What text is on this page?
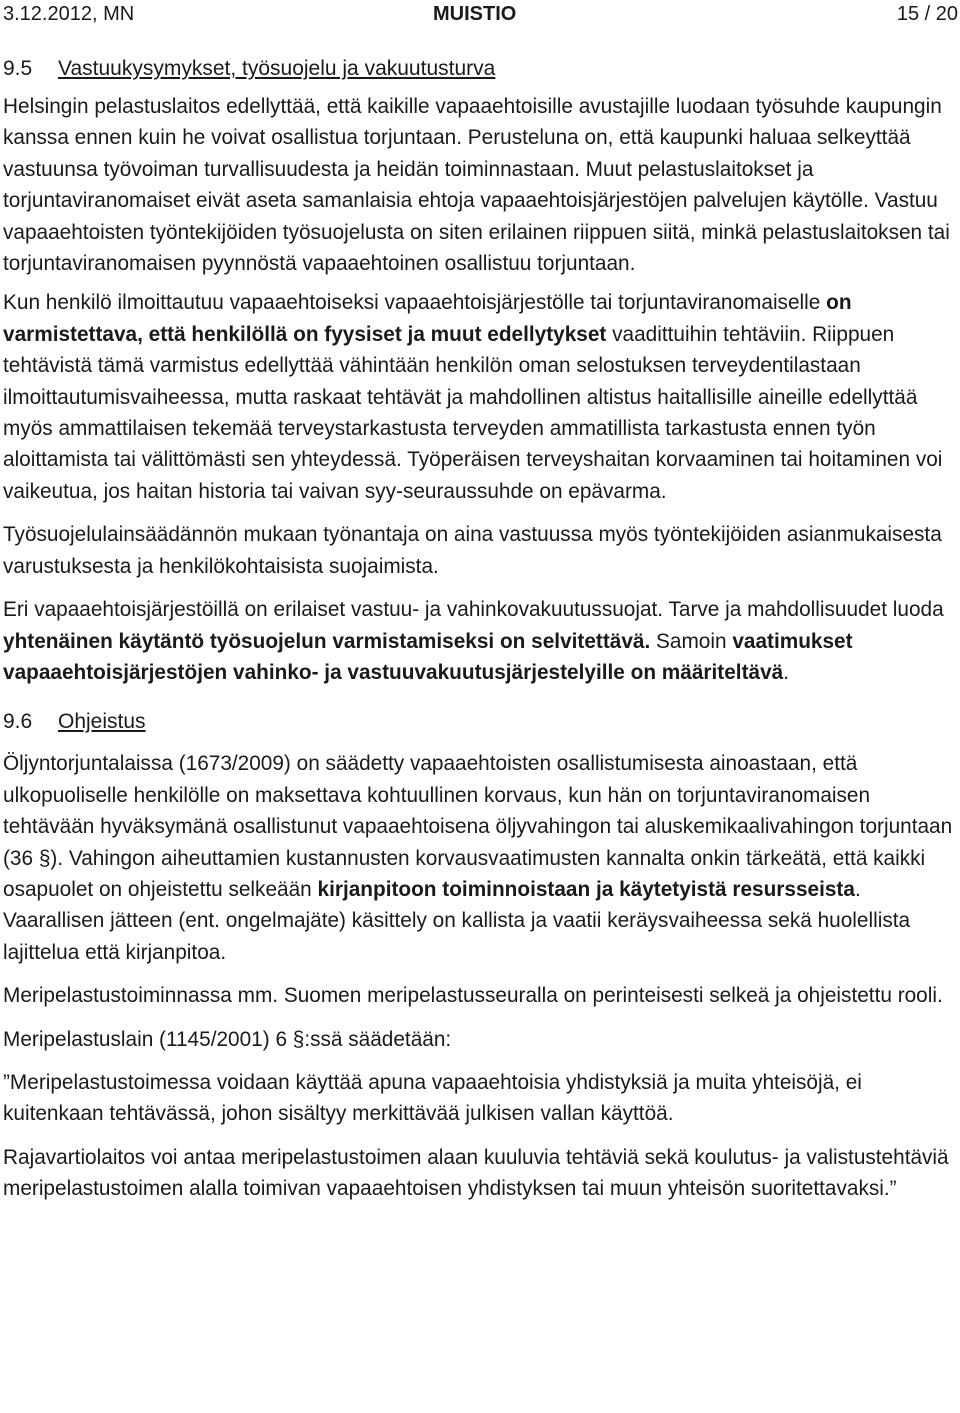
3.12.2012, MN	MUISTIO	15 / 20
9.5 Vastuukysymykset, työsuojelu ja vakuutusturva

Helsingin pelastuslaitos edellyttää, että kaikille vapaaehtoisille avustajille luodaan työsuhde kaupungin kanssa ennen kuin he voivat osallistua torjuntaan. Perusteluna on, että kaupunki haluaa selkeyttää vastuunsa työvoiman turvallisuudesta ja heidän toiminnastaan. Muut pelastuslaitokset ja torjuntaviranomaiset eivät aseta samanlaisia ehtoja vapaaehtoisjärjestöjen palvelujen käytölle. Vastuu vapaaehtoisten työntekijöiden työsuojelusta on siten erilainen riippuen siitä, minkä pelastuslaitoksen tai torjuntaviranomaisen pyynnöstä vapaaehtoinen osallistuu torjuntaan.

Kun henkilö ilmoittautuu vapaaehtoiseksi vapaaehtoisjärjestölle tai torjuntaviranomaiselle on varmistettava, että henkilöllä on fyysiset ja muut edellytykset vaadittuihin tehtäviin. Riippuen tehtävistä tämä varmistus edellyttää vähintään henkilön oman selostuksen terveydentilastaan ilmoittautumisvaiheessa, mutta raskaat tehtävät ja mahdollinen altistus haitallisille aineille edellyttää myös ammattilaisen tekemää terveystarkastusta terveyden ammatillista tarkastusta ennen työn aloittamista tai välittömästi sen yhteydessä. Työperäisen terveyshaitan korvaaminen tai hoitaminen voi vaikeutua, jos haitan historia tai vaivan syy-seuraussuhde on epävarma.

Työsuojelulainsäädännön mukaan työnantaja on aina vastuussa myös työntekijöiden asianmukaisesta varustuksesta ja henkilökohtaisista suojaimista.

Eri vapaaehtoisjärjestöillä on erilaiset vastuu- ja vahinkovakuutussuojat. Tarve ja mahdollisuudet luoda yhtenäinen käytäntö työsuojelun varmistamiseksi on selvitettävä. Samoin vaatimukset vapaaehtoisjärjestöjen vahinko- ja vastuuvakuutusjärjestelyille on määriteltävä.

9.6 Ohjeistus

Öljyntorjuntalaissa (1673/2009) on säädetty vapaaehtoisten osallistumisesta ainoastaan, että ulkopuoliselle henkilölle on maksettava kohtuullinen korvaus, kun hän on torjuntaviranomaisen tehtävään hyväksymänä osallistunut vapaaehtoisena öljyvahingon tai aluskemikaalivahingon torjuntaan (36 §). Vahingon aiheuttamien kustannusten korvausvaatimusten kannalta onkin tärkeätä, että kaikki osapuolet on ohjeistettu selkeään kirjanpitoon toiminnoistaan ja käytetyistä resursseista. Vaarallisen jätteen (ent. ongelmajäte) käsittely on kallista ja vaatii keräysvaiheessa sekä huolellista lajittelua että kirjanpitoa.

Meripelastustoiminnassa mm. Suomen meripelastusseuralla on perinteisesti selkeä ja ohjeistettu rooli.

Meripelastuslain (1145/2001) 6 §:ssä säädetään:

”Meripelastustoimessa voidaan käyttää apuna vapaaehtoisia yhdistyksiä ja muita yhteisöjä, ei kuitenkaan tehtävässä, johon sisältyy merkittävää julkisen vallan käyttöä.

Rajavartiolaitos voi antaa meripelastustoimen alaan kuuluvia tehtäviä sekä koulutus- ja valistustehtäviä meripelastustoimen alalla toimivan vapaaehtoisen yhdistyksen tai muun yhteisön suoritettavaksi.”
